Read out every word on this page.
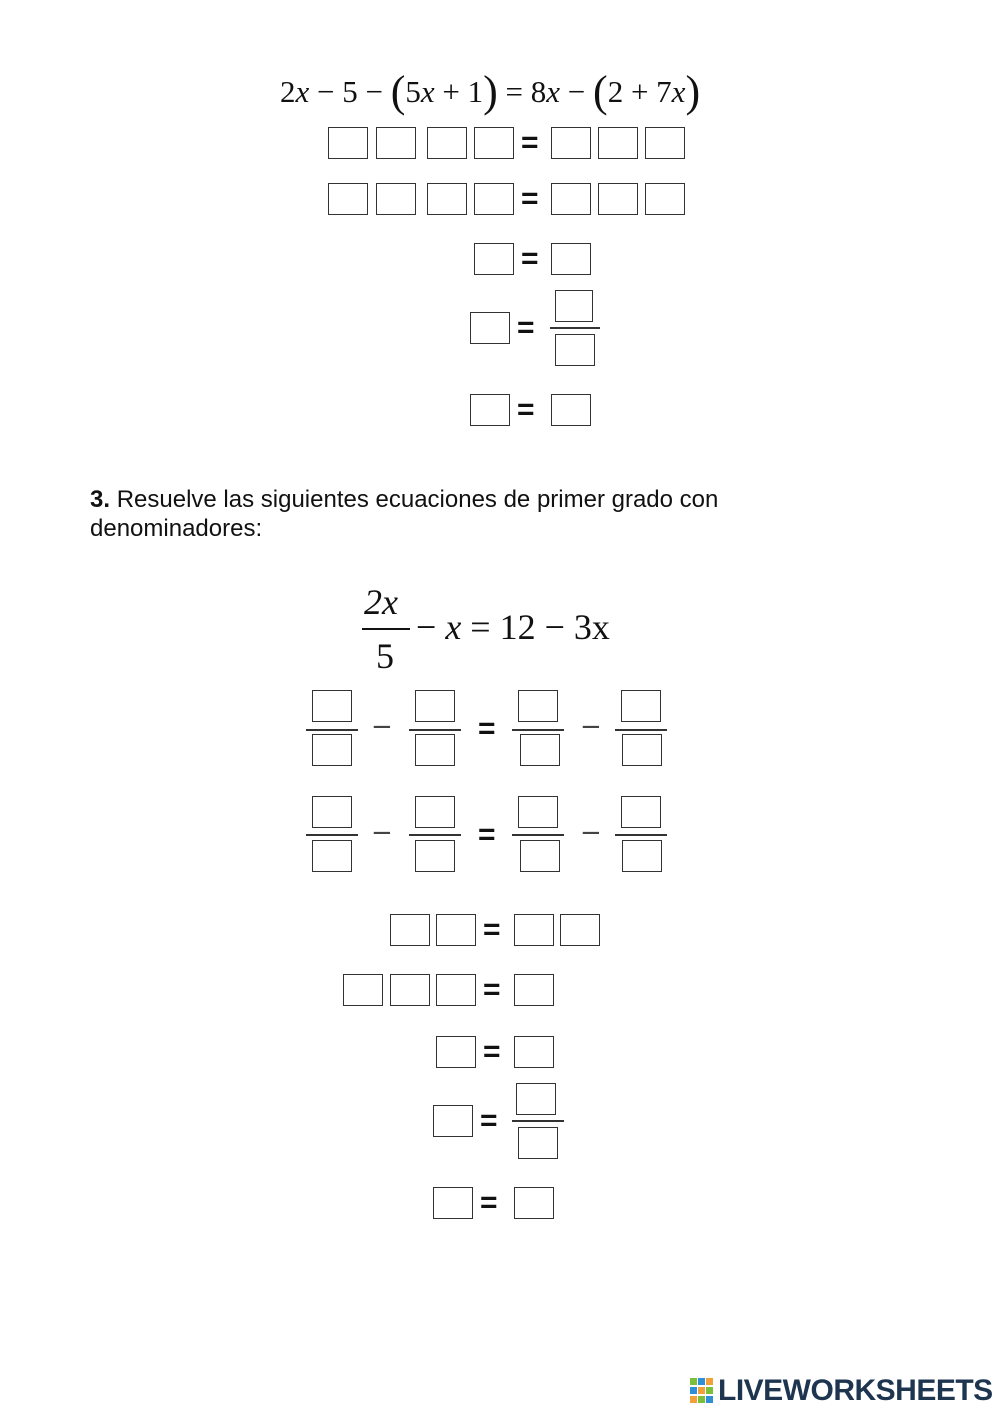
2x − 5 − (5x + 1) = 8x − (2 + 7x)
=
=
=
=
=
3. Resuelve las siguientes ecuaciones de primer grado con denominadores:
2x
5
− x = 12 − 3x
−	=	−
−	=	−
=
=
=
=
=
LIVEWORKSHEETS
